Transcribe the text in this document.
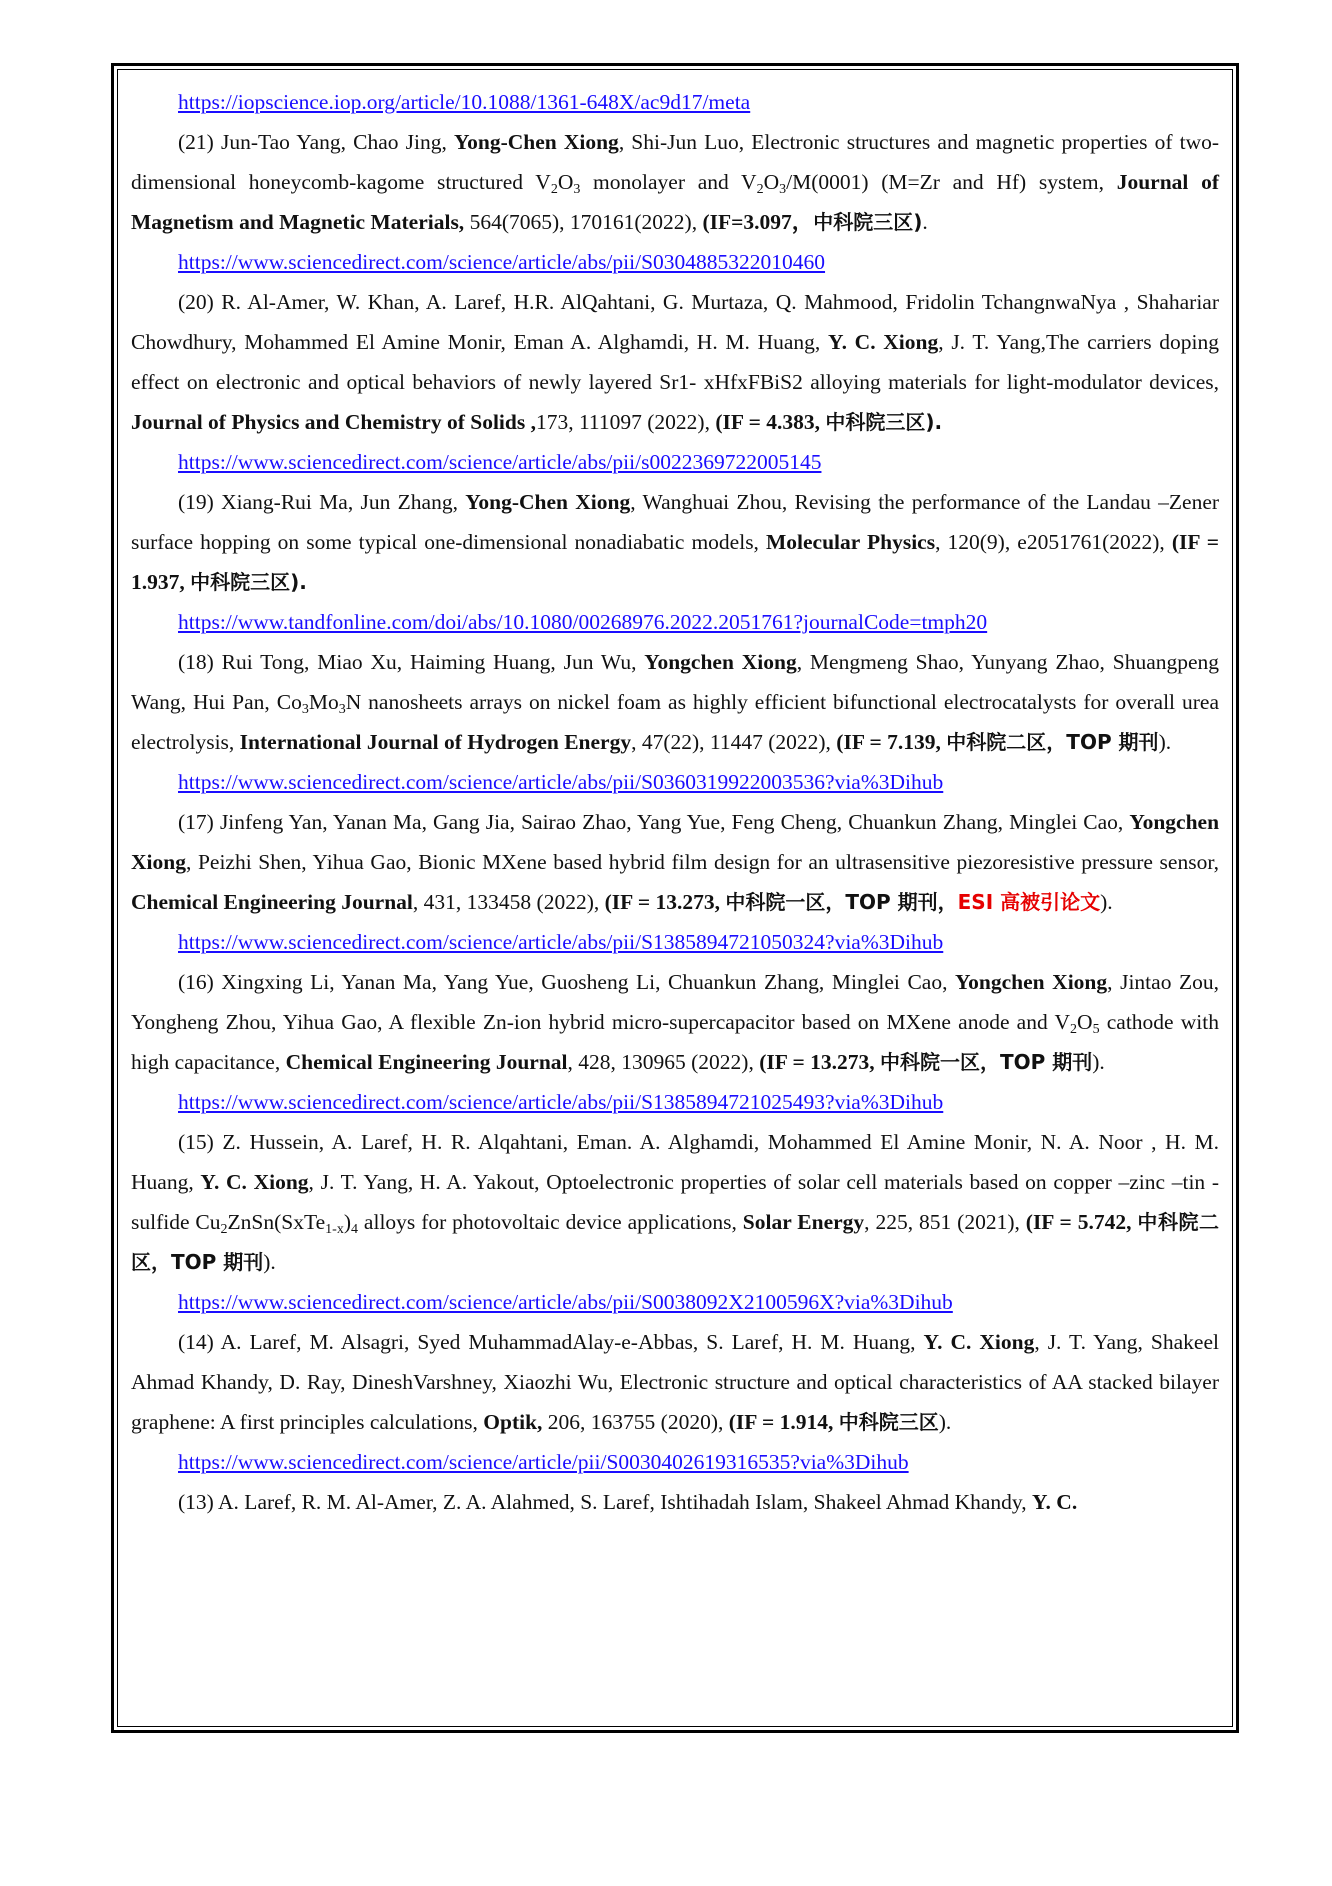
https://iopscience.iop.org/article/10.1088/1361-648X/ac9d17/meta

(21) Jun-Tao Yang, Chao Jing, Yong-Chen Xiong, Shi-Jun Luo, Electronic structures and magnetic properties of two-dimensional honeycomb-kagome structured $V_2O_3$ monolayer and $V_2O_3/M(0001)$ (M=Zr and Hf) system, Journal of Magnetism and Magnetic Materials, 564(7065), 170161(2022), (IF=3.097，中科院三区).

https://www.sciencedirect.com/science/article/abs/pii/S0304885322010460

(20) R. Al-Amer, W. Khan, A. Laref, H.R. AlQahtani, G. Murtaza, Q. Mahmood, Fridolin TchangnwaNya , Shahariar Chowdhury, Mohammed El Amine Monir, Eman A. Alghamdi, H. M. Huang, Y. C. Xiong, J. T. Yang,The carriers doping effect on electronic and optical behaviors of newly layered Sr1- xHfxFBiS2 alloying materials for light-modulator devices, Journal of Physics and Chemistry of Solids ,173, 111097 (2022), (IF = 4.383, 中科院三区).

https://www.sciencedirect.com/science/article/abs/pii/s0022369722005145

(19) Xiang-Rui Ma, Jun Zhang, Yong-Chen Xiong, Wanghuai Zhou, Revising the performance of the Landau –Zener surface hopping on some typical one-dimensional nonadiabatic models, Molecular Physics, 120(9), e2051761(2022), (IF = 1.937, 中科院三区).

https://www.tandfonline.com/doi/abs/10.1080/00268976.2022.2051761?journalCode=tmph20

(18) Rui Tong, Miao Xu, Haiming Huang, Jun Wu, Yongchen Xiong, Mengmeng Shao, Yunyang Zhao, Shuangpeng Wang, Hui Pan, $Co_3Mo_3N$ nanosheets arrays on nickel foam as highly efficient bifunctional electrocatalysts for overall urea electrolysis, International Journal of Hydrogen Energy, 47(22), 11447 (2022), (IF = 7.139, 中科院二区，TOP 期刊).

https://www.sciencedirect.com/science/article/abs/pii/S0360319922003536?via%3Dihub

(17) Jinfeng Yan, Yanan Ma, Gang Jia, Sairao Zhao, Yang Yue, Feng Cheng, Chuankun Zhang, Minglei Cao, Yongchen Xiong, Peizhi Shen, Yihua Gao, Bionic MXene based hybrid film design for an ultrasensitive piezoresistive pressure sensor, Chemical Engineering Journal, 431, 133458 (2022), (IF = 13.273, 中科院一区，TOP 期刊，ESI 高被引论文).

https://www.sciencedirect.com/science/article/abs/pii/S1385894721050324?via%3Dihub

(16) Xingxing Li, Yanan Ma, Yang Yue, Guosheng Li, Chuankun Zhang, Minglei Cao, Yongchen Xiong, Jintao Zou, Yongheng Zhou, Yihua Gao, A flexible Zn-ion hybrid micro-supercapacitor based on MXene anode and $V_2O_5$ cathode with high capacitance, Chemical Engineering Journal, 428, 130965 (2022), (IF = 13.273, 中科院一区，TOP 期刊).

https://www.sciencedirect.com/science/article/abs/pii/S1385894721025493?via%3Dihub

(15) Z. Hussein, A. Laref, H. R. Alqahtani, Eman. A. Alghamdi, Mohammed El Amine Monir, N. A. Noor , H. M. Huang, Y. C. Xiong, J. T. Yang, H. A. Yakout, Optoelectronic properties of solar cell materials based on copper –zinc –tin -sulfide $Cu_2ZnSn(SxTe_{1-x})_4$ alloys for photovoltaic device applications, Solar Energy, 225, 851 (2021), (IF = 5.742, 中科院二区，TOP 期刊).

https://www.sciencedirect.com/science/article/abs/pii/S0038092X2100596X?via%3Dihub

(14) A. Laref, M. Alsagri, Syed MuhammadAlay-e-Abbas, S. Laref, H. M. Huang, Y. C. Xiong, J. T. Yang, Shakeel Ahmad Khandy, D. Ray, DineshVarshney, Xiaozhi Wu, Electronic structure and optical characteristics of AA stacked bilayer graphene: A first principles calculations, Optik, 206, 163755 (2020), (IF = 1.914, 中科院三区).

https://www.sciencedirect.com/science/article/pii/S0030402619316535?via%3Dihub

(13) A. Laref, R. M. Al-Amer, Z. A. Alahmed, S. Laref, Ishtihadah Islam, Shakeel Ahmad Khandy, Y. C.
